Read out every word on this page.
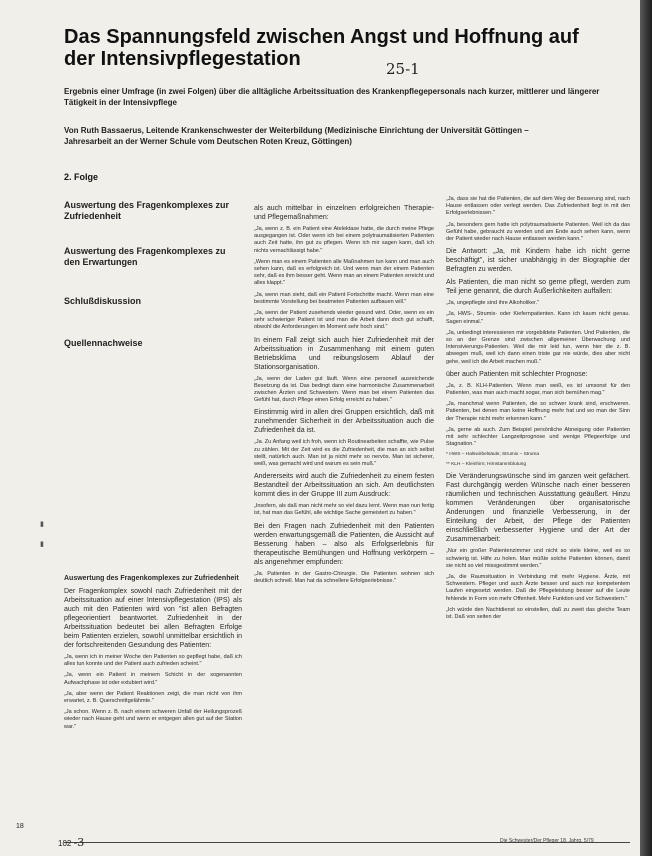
Das Spannungsfeld zwischen Angst und Hoffnung auf der Intensivpflegestation	25-1

Ergebnis einer Umfrage (in zwei Folgen) über die alltägliche Arbeitssituation des Krankenpflegepersonals nach kurzer, mittlerer und längerer Tätigkeit in der Intensivpflege

Von Ruth Bassaerus, Leitende Krankenschwester der Weiterbildung (Medizinische Einrichtung der Universität Göttingen – Jahresarbeit an der Werner Schule vom Deutschen Roten Kreuz, Göttingen)

2. Folge
Auswertung des Fragenkomplexes zur Zufriedenheit
Auswertung des Fragenkomplexes zu den Erwartungen
Schlußdiskussion
Quellennachweise
▮
▮

Auswertung des Fragenkomplexes zur Zufriedenheit

Der Fragenkomplex sowohl nach Zufriedenheit mit der Arbeitssituation auf einer Intensivpflegestation (IPS) als auch mit den Patienten wird von "ist allen Befragten pflegeorientiert beantwortet. Zufriedenheit in der Arbeitssituation bedeutet bei allen Befragten Erfolge beim Patienten erzielen, sowohl unmittelbar ersichtlich in der fortschreitenden Gesundung des Patienten:

„Ja, wenn ich in meiner Woche den Patienten so gepflegt habe, daß ich alles tun konnte und der Patient auch zufrieden scheint."

„Ja, wenn ein Patient in meinem Schicht in der sogenannten Aufwachphase ist oder extubiert wird."

„Ja, aber wenn der Patient Reaktionen zeigt, die man nicht von ihm erwartet, z. B. Querschnittgelähmte."

„Ja schon. Wenn z. B. nach einem schweren Unfall der Heilungsprozeß wieder nach Hause geht und wenn er entgegen allen gut auf der Station war."

als auch mittelbar in einzelnen erfolgreichen Therapie- und Pflegemaßnahmen:

„Ja, wenn z. B. ein Patient eine Atelektase hatte, die durch meine Pflege ausgegangen ist. Oder wenn ich bei einem polytraumatisierten Patienten auch Zeit hatte, ihn gut zu pflegen. Wenn ich mir sagen kann, daß ich nichts vernachlässigt habe."

„Wenn man es einem Patienten alle Maßnahmen tun kann und man auch sehen kann, daß es erfolgreich ist. Und wenn man der einem Patienten sehr, daß es ihm besser geht. Wenn man an einem Patienten erreicht und alles klappt."

„Ja, wenn man sieht, daß ein Patient Fortschritte macht. Wenn man eine bestimmte Vorstellung bei beatmeten Patienten aufbauen will."

„Ja, wenn der Patient zusehends wieder gesund wird. Oder, wenn es ein sehr schwieriger Patient ist und man die Arbeit dann doch gut schafft, obwohl die Anforderungen im Moment sehr hoch sind."

In einem Fall zeigt sich auch hier Zufriedenheit mit der Arbeitssituation in Zusammenhang mit einem guten Betriebsklima und reibungslosem Ablauf der Stationsorganisation.

„Ja, wenn der Laden gut läuft. Wenn eine personell ausreichende Besetzung da ist. Das bedingt dann eine harmonische Zusammenarbeit zwischen Ärzten und Schwestern. Wenn man bei einem Patienten das Gefühl hat, durch Pflege einen Erfolg erreicht zu haben."

Einstimmig wird in allen drei Gruppen ersichtlich, daß mit zunehmender Sicherheit in der Arbeitssituation auch die Zufriedenheit da ist.

„Ja. Zu Anfang weil ich froh, wenn ich Routinearbeiten schaffte, wie Pulse zu zählen. Mit der Zeit wird es die Zufriedenheit, die man an sich selbst stellt, natürlich auch. Man ist ja nicht mehr so nervös. Man ist sicherer, weiß, was gemacht wird und warum es sein muß."

Andererseits wird auch die Zufriedenheit zu einem festen Bestandteil der Arbeitssituation an sich. Am deutlichsten kommt dies in der Gruppe III zum Ausdruck:

„Insofern, als daß man nicht mehr so viel dazu lernt. Wenn man nun fertig ist, hat man das Gefühl, alle wichtige Sache gemeistert zu haben."

Bei den Fragen nach Zufriedenheit mit den Patienten werden erwartungsgemäß die Patienten, die Aussicht auf Besserung haben – also als Erfolgserlebnis für therapeutische Bemühungen und Hoffnung verkörpern – als angenehmer empfunden:

„Ja. Patienten in der Gastro-Chirurgie. Die Patienten wohnen sich deutlich schnell. Man hat da schnellere Erfolgserlebnisse."

„Ja, dass sie hat die Patienten, die auf dem Weg der Besserung sind, nach Hause entlassen oder verlegt werden. Das Zufriedenheit liegt in mit den Erfolgserlebnissen."

„Ja, besonders gern hatte ich polytraumatisierte Patienten. Weil ich da das Gefühl habe, gebraucht zu werden und am Ende auch sehen kann, wenn der Patient wieder nach Hause entlassen werden kann."

Die Antwort: „Ja, mit Kindern habe ich nicht gerne beschäftigt", ist sicher unabhängig in der Biographie der Befragten zu werden.

Als Patienten, die man nicht so gerne pflegt, werden zum Teil jene genannt, die durch Äußerlichkeiten auffallen:

„Ja, ungepflegte sind ihre Alkoholiker."

„Ja, HWS-, Strumix- oder Kiefernpatienten. Kann ich kaum nicht genau. Sagen einmal."

„Ja, unbedingt interessieren mir vorgebildete Patienten. Und Patienten, die so an der Grenze sind zwischen allgemeiner Überwachung und Intensivierungs-Patienten. Weil die mir leid tun, wenn hier die z. B. abwegen muß, weil ich dann einen triste gar nie würde, dies aber nicht gehe, weil ich die Arbeit machen muß."

über auch Patienten mit schlechter Prognose:

„Ja, z. B. KLH-Patienten. Wenn man weiß, es ist umsonst für den Patienten, was man auch macht sogar, man sich bemühen mag."

„Ja, manchmal wenn Patienten, die so schwer krank sind, erschweren. Patienten, bei denen man keine Hoffnung mehr hat und wo man der Sinn der Therapie nicht mehr erkennen kann."

„Ja, gerne ab auch. Zum Beispiel persönliche Abneigung oder Patienten mit sehr schlechter Langzeitprognose und wenige Pflegeerfolge und Stagnation."

* HWS – Halswirbelsäule; Strumix – Struma

** KLH – Kleinhirn; Hirnstammblutung

Die Veränderungswünsche sind im ganzen weit gefächert. Fast durchgängig werden Wünsche nach einer besseren räumlichen und technischen Ausstattung geäußert. Hinzu kommen Veränderungen über organisatorische Änderungen und finanzielle Verbesserung, in der Einteilung der Arbeit, der Pflege der Patienten einschließlich verbesserter Hygiene und der Art der Zusammenarbeit:

„Nur ein großer Patientenzimmer und nicht so viele kleine, weil es so schwierig ist. Hilfe zu holen. Man müßte solche Patienten können, damit sie nicht so viel missgestimmt werden."

„Ja, die Raumsituation in Verbindung mit mehr Hygiene. Ärzte, mit Schwestern. Pfleger und auch Ärzte besser und auch nur kompetentem Laufen eingesetzt werden. Daß die Pflegeleistung besser auf die Leute fehlende in Form von mehr Offenheit. Mehr Funktion und vor Schwestern."

„Ich würde den Nachtdienst so einstellen, daß zu zweit das gleiche Team ist. Daß von seiten der

18
102 -3	Die Schwester/Der Pfleger 18. Jahrg. 5/79
